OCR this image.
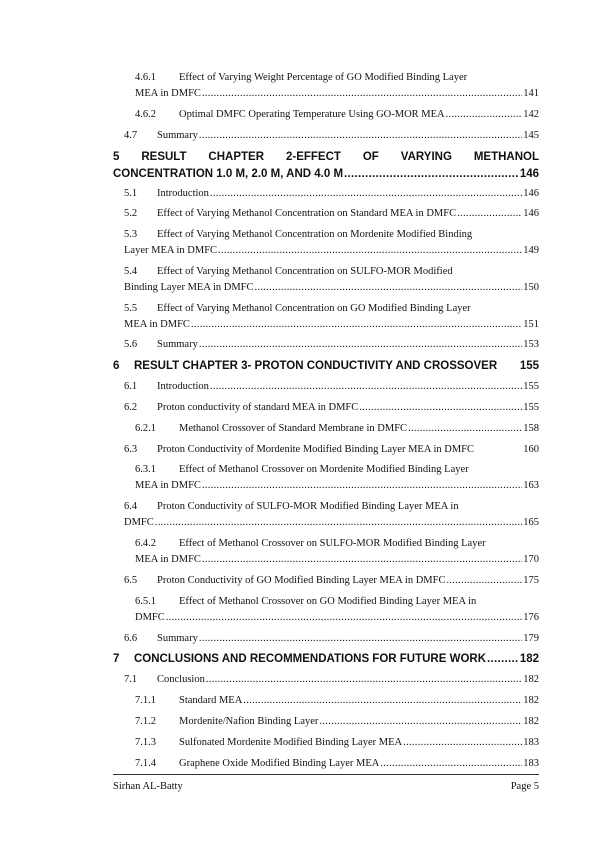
4.6.1	Effect of Varying Weight Percentage of GO Modified Binding Layer
MEA in DMFC .....	141
4.6.2	Optimal DMFC Operating Temperature Using GO-MOR MEA .....	142
4.7	Summary .....	145
5 RESULT CHAPTER 2-EFFECT OF VARYING METHANOL
CONCENTRATION 1.0 M, 2.0 M, AND 4.0 M .....	146
5.1	Introduction .....	146
5.2	Effect of Varying Methanol Concentration on Standard MEA in DMFC .....	146
5.3	Effect of Varying Methanol Concentration on Mordenite Modified Binding
Layer MEA in DMFC .....	149
5.4	Effect of Varying Methanol Concentration on SULFO-MOR Modified
Binding Layer MEA in DMFC .....	150
5.5	Effect of Varying Methanol Concentration on GO Modified Binding Layer
MEA in DMFC .....	151
5.6	Summary .....	153
6	RESULT CHAPTER 3- PROTON CONDUCTIVITY AND CROSSOVER 155
6.1	Introduction .....	155
6.2	Proton conductivity of standard MEA in DMFC .....	155
6.2.1	Methanol Crossover of Standard Membrane in DMFC .....	158
6.3	Proton Conductivity of Mordenite Modified Binding Layer MEA in DMFC	160
6.3.1	Effect of Methanol Crossover on Mordenite Modified Binding Layer
MEA in DMFC .....	163
6.4	Proton Conductivity of SULFO-MOR Modified Binding Layer MEA in
DMFC .....	165
6.4.2	Effect of Methanol Crossover on SULFO-MOR Modified Binding Layer
MEA in DMFC .....	170
6.5	Proton Conductivity of GO Modified Binding Layer MEA in DMFC .....	175
6.5.1	Effect of Methanol Crossover on GO Modified Binding Layer MEA in
DMFC .....	176
6.6	Summary .....	179
7	CONCLUSIONS AND RECOMMENDATIONS FOR FUTURE WORK .....	182
7.1	Conclusion .....	182
7.1.1	Standard MEA .....	182
7.1.2	Mordenite/Nafion Binding Layer .....	182
7.1.3	Sulfonated Mordenite Modified Binding Layer MEA .....	183
7.1.4	Graphene Oxide Modified Binding Layer MEA .....	183
Sirhan AL-Batty	Page 5
